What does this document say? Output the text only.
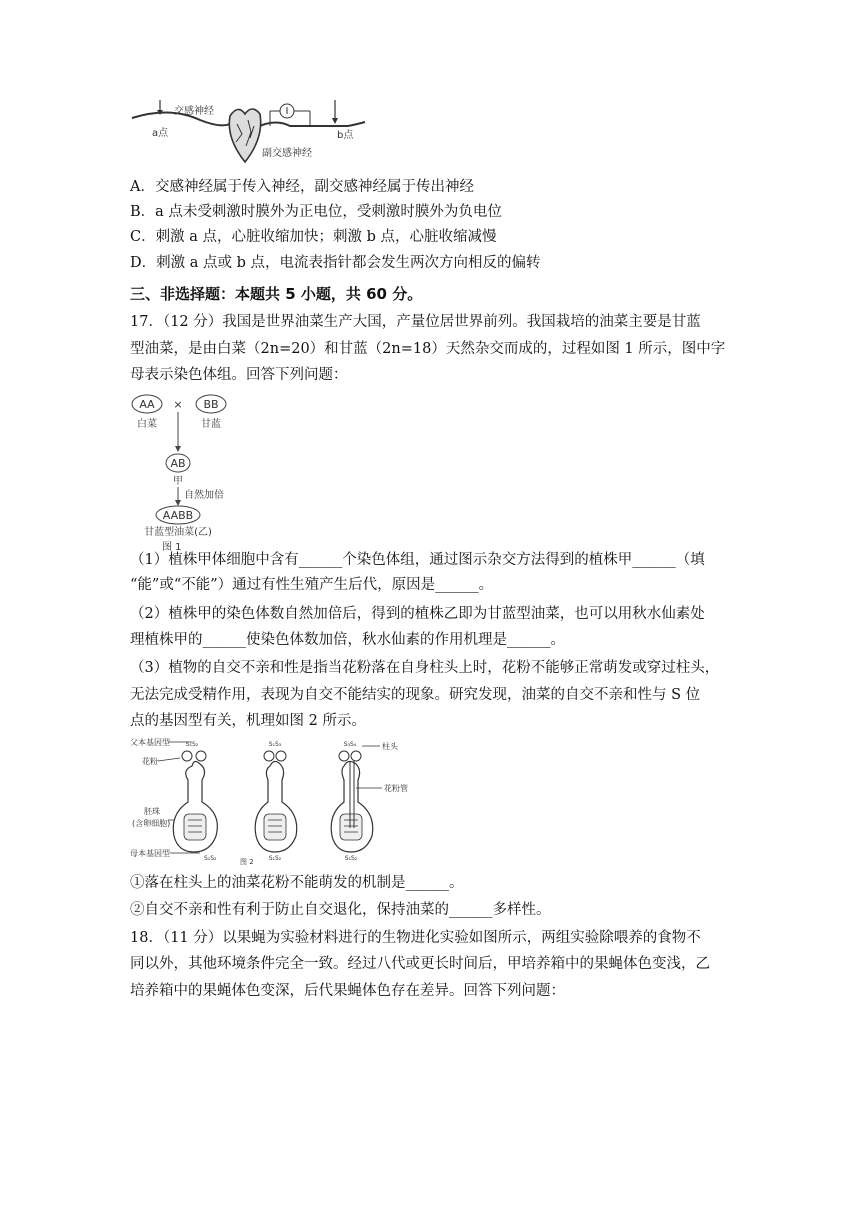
交感神经
a点	b点
副交感神经
A．交感神经属于传入神经，副交感神经属于传出神经
B．a 点未受刺激时膜外为正电位，受刺激时膜外为负电位
C．刺激 a 点，心脏收缩加快；刺激 b 点，心脏收缩减慢
D．刺激 a 点或 b 点，电流表指针都会发生两次方向相反的偏转
三、非选择题：本题共 5 小题，共 60 分。
17．（12 分）我国是世界油菜生产大国，产量位居世界前列。我国栽培的油菜主要是甘蓝
型油菜，是由白菜（2n=20）和甘蓝（2n=18）天然杂交而成的，过程如图 1 所示，图中字
母表示染色体组。回答下列问题：
AA × BB
白菜	甘蓝
AB
甲
自然加倍
AABB
甘蓝型油菜(乙)
图 1
（1）植株甲体细胞中含有______个染色体组，通过图示杂交方法得到的植株甲______（填
“能”或“不能”）通过有性生殖产生后代，原因是______。
（2）植株甲的染色体数自然加倍后，得到的植株乙即为甘蓝型油菜，也可以用秋水仙素处
理植株甲的______使染色体数加倍，秋水仙素的作用机理是______。
（3）植物的自交不亲和性是指当花粉落在自身柱头上时，花粉不能够正常萌发或穿过柱头，
无法完成受精作用，表现为自交不能结实的现象。研究发现，油菜的自交不亲和性与 S 位
点的基因型有关，机理如图 2 所示。
父本基因型
花粉
胚珠
(含卵细胞)
母本基因型
S₁S₂
S₁S₂
S₁S₃
S₁S₂
S₃S₄
S₁S₂
柱头
花粉管
图 2
①落在柱头上的油菜花粉不能萌发的机制是______。
②自交不亲和性有利于防止自交退化，保持油菜的______多样性。
18．（11 分）以果蝇为实验材料进行的生物进化实验如图所示，两组实验除喂养的食物不
同以外，其他环境条件完全一致。经过八代或更长时间后，甲培养箱中的果蝇体色变浅，乙
培养箱中的果蝇体色变深，后代果蝇体色存在差异。回答下列问题：
